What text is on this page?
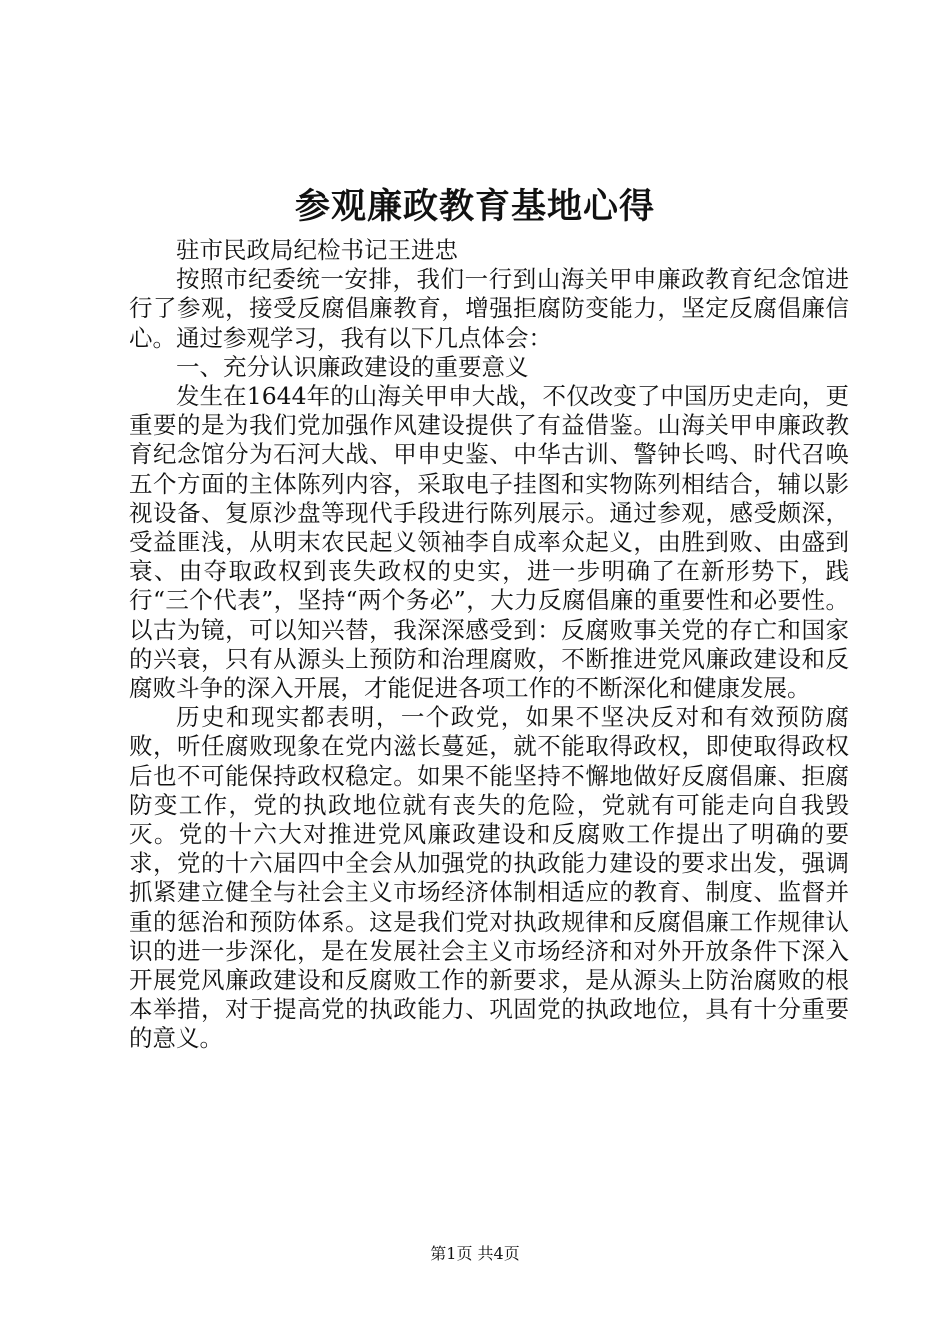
参观廉政教育基地心得

驻市民政局纪检书记王进忠

按照市纪委统一安排，我们一行到山海关甲申廉政教育纪念馆进行了参观，接受反腐倡廉教育，增强拒腐防变能力，坚定反腐倡廉信心。通过参观学习，我有以下几点体会：

一、充分认识廉政建设的重要意义

发生在1644年的山海关甲申大战，不仅改变了中国历史走向，更重要的是为我们党加强作风建设提供了有益借鉴。山海关甲申廉政教育纪念馆分为石河大战、甲申史鉴、中华古训、警钟长鸣、时代召唤五个方面的主体陈列内容，采取电子挂图和实物陈列相结合，辅以影视设备、复原沙盘等现代手段进行陈列展示。通过参观，感受颇深，受益匪浅，从明末农民起义领袖李自成率众起义，由胜到败、由盛到衰、由夺取政权到丧失政权的史实，进一步明确了在新形势下，践行“三个代表”，坚持“两个务必”，大力反腐倡廉的重要性和必要性。以古为镜，可以知兴替，我深深感受到：反腐败事关党的存亡和国家的兴衰，只有从源头上预防和治理腐败，不断推进党风廉政建设和反腐败斗争的深入开展，才能促进各项工作的不断深化和健康发展。

历史和现实都表明，一个政党，如果不坚决反对和有效预防腐败，听任腐败现象在党内滋长蔓延，就不能取得政权，即使取得政权后也不可能保持政权稳定。如果不能坚持不懈地做好反腐倡廉、拒腐防变工作，党的执政地位就有丧失的危险，党就有可能走向自我毁灭。党的十六大对推进党风廉政建设和反腐败工作提出了明确的要求，党的十六届四中全会从加强党的执政能力建设的要求出发，强调抓紧建立健全与社会主义市场经济体制相适应的教育、制度、监督并重的惩治和预防体系。这是我们党对执政规律和反腐倡廉工作规律认识的进一步深化，是在发展社会主义市场经济和对外开放条件下深入开展党风廉政建设和反腐败工作的新要求，是从源头上防治腐败的根本举措，对于提高党的执政能力、巩固党的执政地位，具有十分重要的意义。

第1页 共4页
